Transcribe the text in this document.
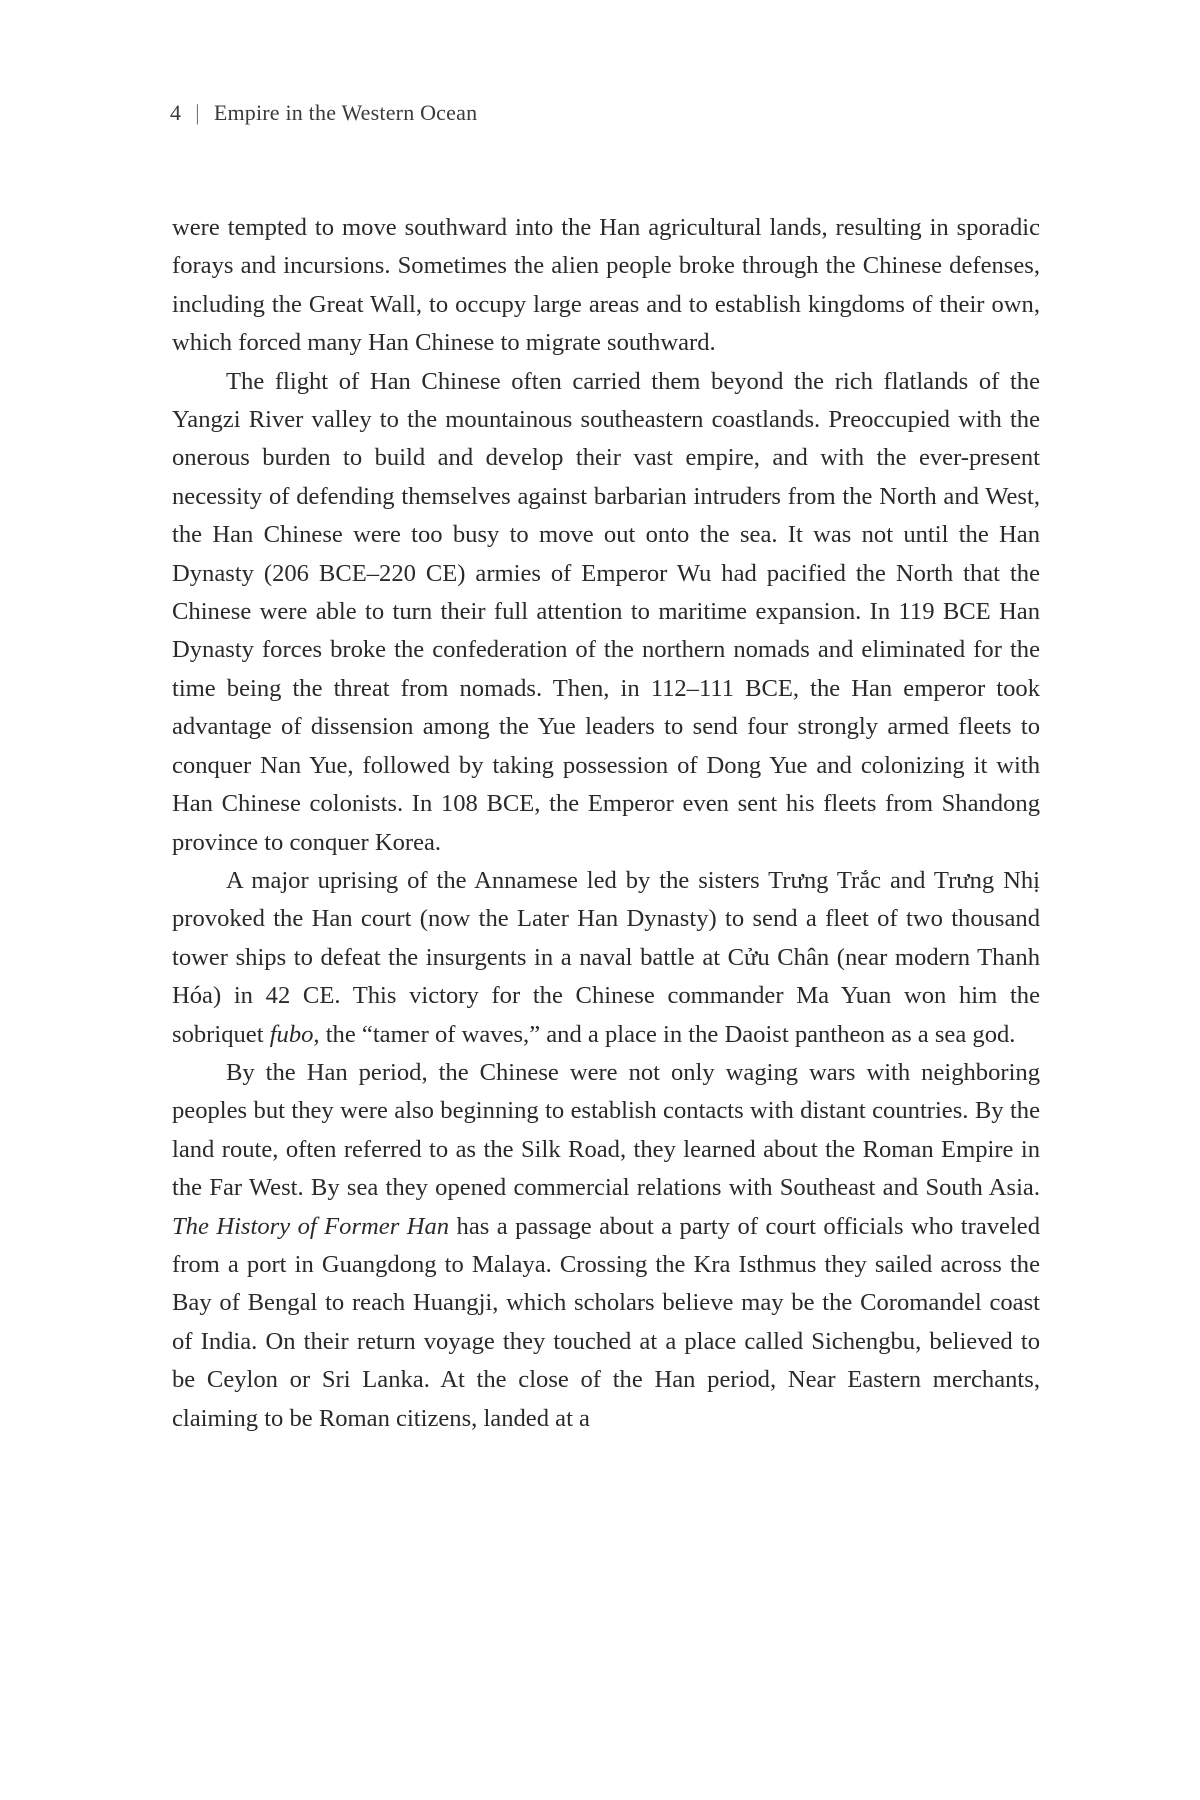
4 | Empire in the Western Ocean

were tempted to move southward into the Han agricultural lands, resulting in sporadic forays and incursions. Sometimes the alien people broke through the Chinese defenses, including the Great Wall, to occupy large areas and to establish kingdoms of their own, which forced many Han Chinese to migrate southward.

The flight of Han Chinese often carried them beyond the rich flatlands of the Yangzi River valley to the mountainous southeastern coastlands. Preoccupied with the onerous burden to build and develop their vast empire, and with the ever-present necessity of defending themselves against barbarian intruders from the North and West, the Han Chinese were too busy to move out onto the sea. It was not until the Han Dynasty (206 BCE–220 CE) armies of Emperor Wu had pacified the North that the Chinese were able to turn their full attention to maritime expansion. In 119 BCE Han Dynasty forces broke the confederation of the northern nomads and eliminated for the time being the threat from nomads. Then, in 112–111 BCE, the Han emperor took advantage of dissension among the Yue leaders to send four strongly armed fleets to conquer Nan Yue, followed by taking possession of Dong Yue and colonizing it with Han Chinese colonists. In 108 BCE, the Emperor even sent his fleets from Shandong province to conquer Korea.

A major uprising of the Annamese led by the sisters Trưng Trắc and Trưng Nhị provoked the Han court (now the Later Han Dynasty) to send a fleet of two thousand tower ships to defeat the insurgents in a naval battle at Cửu Chân (near modern Thanh Hóa) in 42 CE. This victory for the Chinese commander Ma Yuan won him the sobriquet fubo, the “tamer of waves,” and a place in the Daoist pantheon as a sea god.

By the Han period, the Chinese were not only waging wars with neighboring peoples but they were also beginning to establish contacts with distant countries. By the land route, often referred to as the Silk Road, they learned about the Roman Empire in the Far West. By sea they opened commercial relations with Southeast and South Asia. The History of Former Han has a passage about a party of court officials who traveled from a port in Guangdong to Malaya. Crossing the Kra Isthmus they sailed across the Bay of Bengal to reach Huangji, which scholars believe may be the Coromandel coast of India. On their return voyage they touched at a place called Sichengbu, believed to be Ceylon or Sri Lanka. At the close of the Han period, Near Eastern merchants, claiming to be Roman citizens, landed at a
